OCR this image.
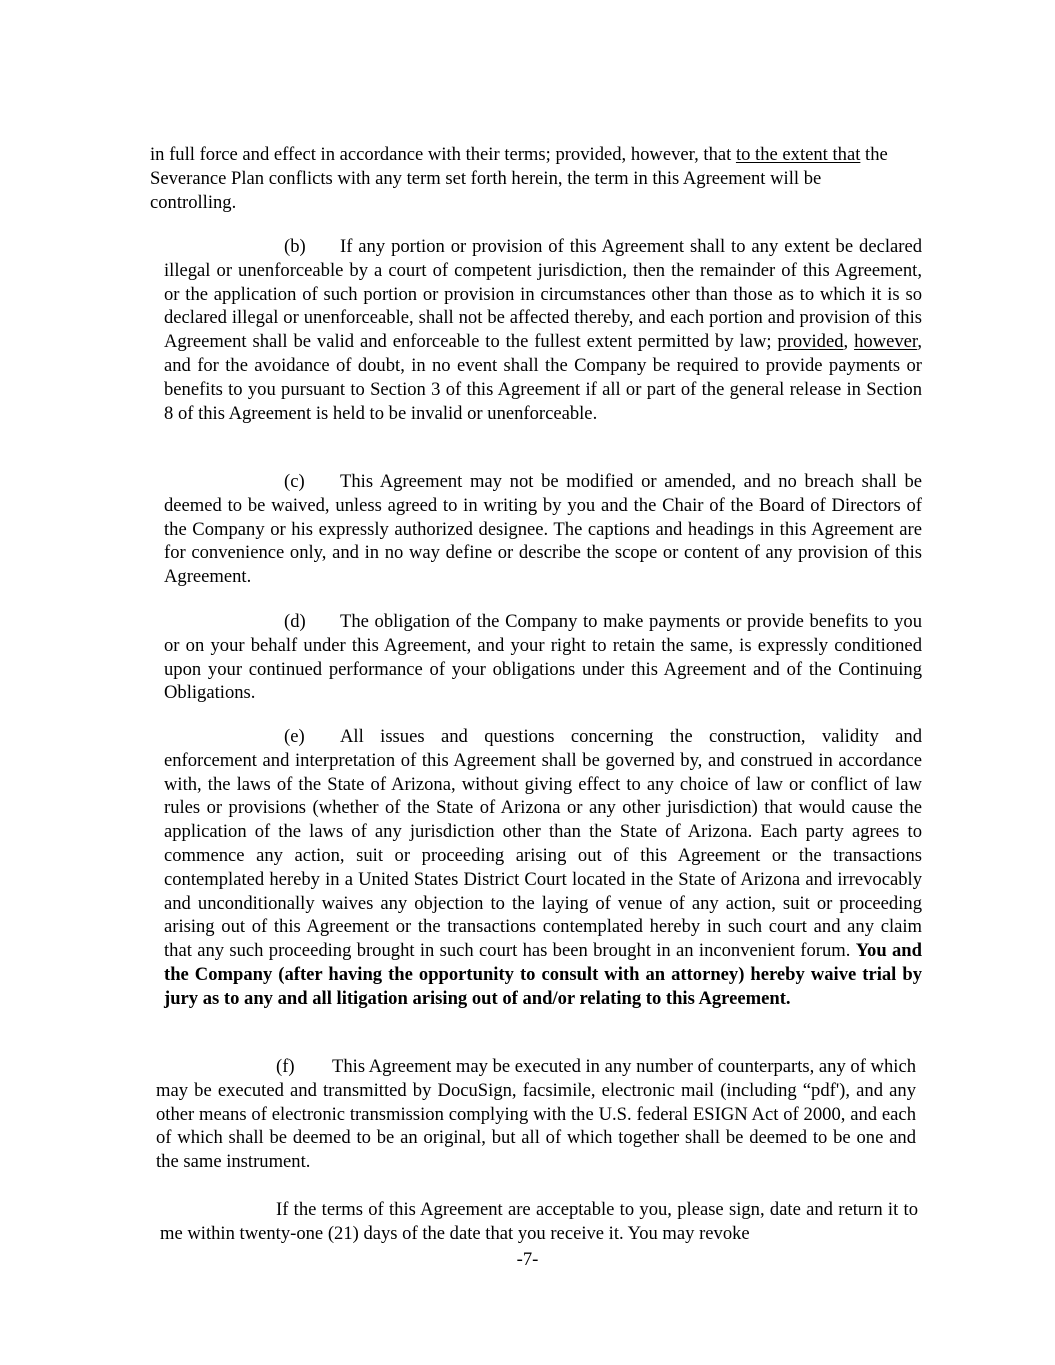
in full force and effect in accordance with their terms; provided, however, that to the extent that the Severance Plan conflicts with any term set forth herein, the term in this Agreement will be controlling.

(b) If any portion or provision of this Agreement shall to any extent be declared illegal or unenforceable by a court of competent jurisdiction, then the remainder of this Agreement, or the application of such portion or provision in circumstances other than those as to which it is so declared illegal or unenforceable, shall not be affected thereby, and each portion and provision of this Agreement shall be valid and enforceable to the fullest extent permitted by law; provided, however, and for the avoidance of doubt, in no event shall the Company be required to provide payments or benefits to you pursuant to Section 3 of this Agreement if all or part of the general release in Section 8 of this Agreement is held to be invalid or unenforceable.

(c) This Agreement may not be modified or amended, and no breach shall be deemed to be waived, unless agreed to in writing by you and the Chair of the Board of Directors of the Company or his expressly authorized designee. The captions and headings in this Agreement are for convenience only, and in no way define or describe the scope or content of any provision of this Agreement.

(d) The obligation of the Company to make payments or provide benefits to you or on your behalf under this Agreement, and your right to retain the same, is expressly conditioned upon your continued performance of your obligations under this Agreement and of the Continuing Obligations.

(e) All issues and questions concerning the construction, validity and enforcement and interpretation of this Agreement shall be governed by, and construed in accordance with, the laws of the State of Arizona, without giving effect to any choice of law or conflict of law rules or provisions (whether of the State of Arizona or any other jurisdiction) that would cause the application of the laws of any jurisdiction other than the State of Arizona. Each party agrees to commence any action, suit or proceeding arising out of this Agreement or the transactions contemplated hereby in a United States District Court located in the State of Arizona and irrevocably and unconditionally waives any objection to the laying of venue of any action, suit or proceeding arising out of this Agreement or the transactions contemplated hereby in such court and any claim that any such proceeding brought in such court has been brought in an inconvenient forum. You and the Company (after having the opportunity to consult with an attorney) hereby waive trial by jury as to any and all litigation arising out of and/or relating to this Agreement.

(f) This Agreement may be executed in any number of counterparts, any of which may be executed and transmitted by DocuSign, facsimile, electronic mail (including “pdf'), and any other means of electronic transmission complying with the U.S. federal ESIGN Act of 2000, and each of which shall be deemed to be an original, but all of which together shall be deemed to be one and the same instrument.

If the terms of this Agreement are acceptable to you, please sign, date and return it to me within twenty-one (21) days of the date that you receive it. You may revoke

-7-
